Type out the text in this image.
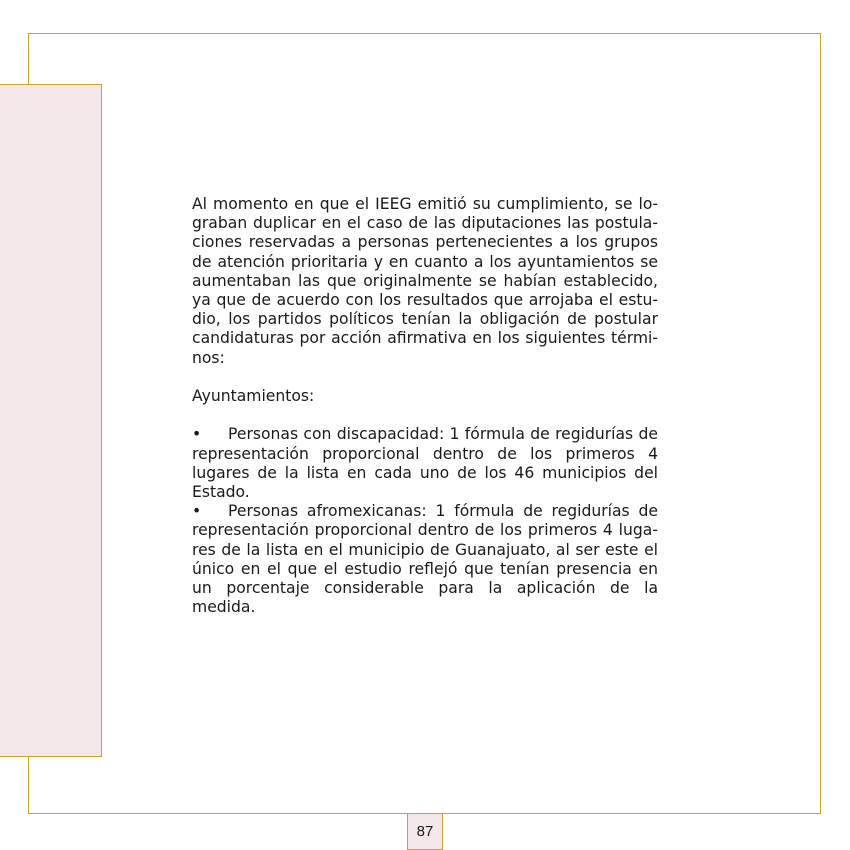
Al momento en que el IEEG emitió su cumplimiento, se lograban duplicar en el caso de las diputaciones las postulaciones reservadas a personas pertenecientes a los grupos de atención prioritaria y en cuanto a los ayuntamientos se aumentaban las que originalmente se habían establecido, ya que de acuerdo con los resultados que arrojaba el estudio, los partidos políticos tenían la obligación de postular candidaturas por acción afirmativa en los siguientes términos:

Ayuntamientos:

• Personas con discapacidad: 1 fórmula de regidurías de representación proporcional dentro de los primeros 4 lugares de la lista en cada uno de los 46 municipios del Estado.

• Personas afromexicanas: 1 fórmula de regidurías de representación proporcional dentro de los primeros 4 lugares de la lista en el municipio de Guanajuato, al ser este el único en el que el estudio reflejó que tenían presencia en un porcentaje considerable para la aplicación de la medida.

87
